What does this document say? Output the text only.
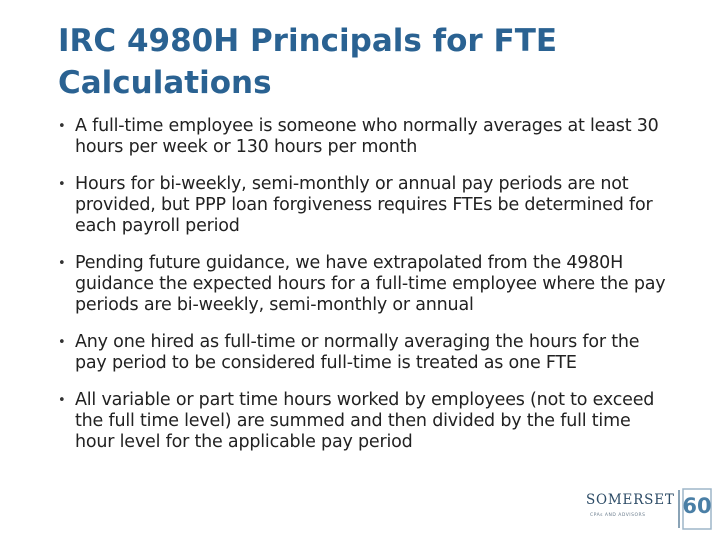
IRC 4980H Principals for FTE Calculations
• A full-time employee is someone who normally averages at least 30 hours per week or 130 hours per month
• Hours for bi-weekly, semi-monthly or annual pay periods are not provided, but PPP loan forgiveness requires FTEs be determined for each payroll period
• Pending future guidance, we have extrapolated from the 4980H guidance the expected hours for a full-time employee where the pay periods are bi-weekly, semi-monthly or annual
• Any one hired as full-time or normally averaging the hours for the pay period to be considered full-time is treated as one FTE
• All variable or part time hours worked by employees (not to exceed the full time level) are summed and then divided by the full time hour level for the applicable pay period
SOMERSET
CPAs AND ADVISORS 60
